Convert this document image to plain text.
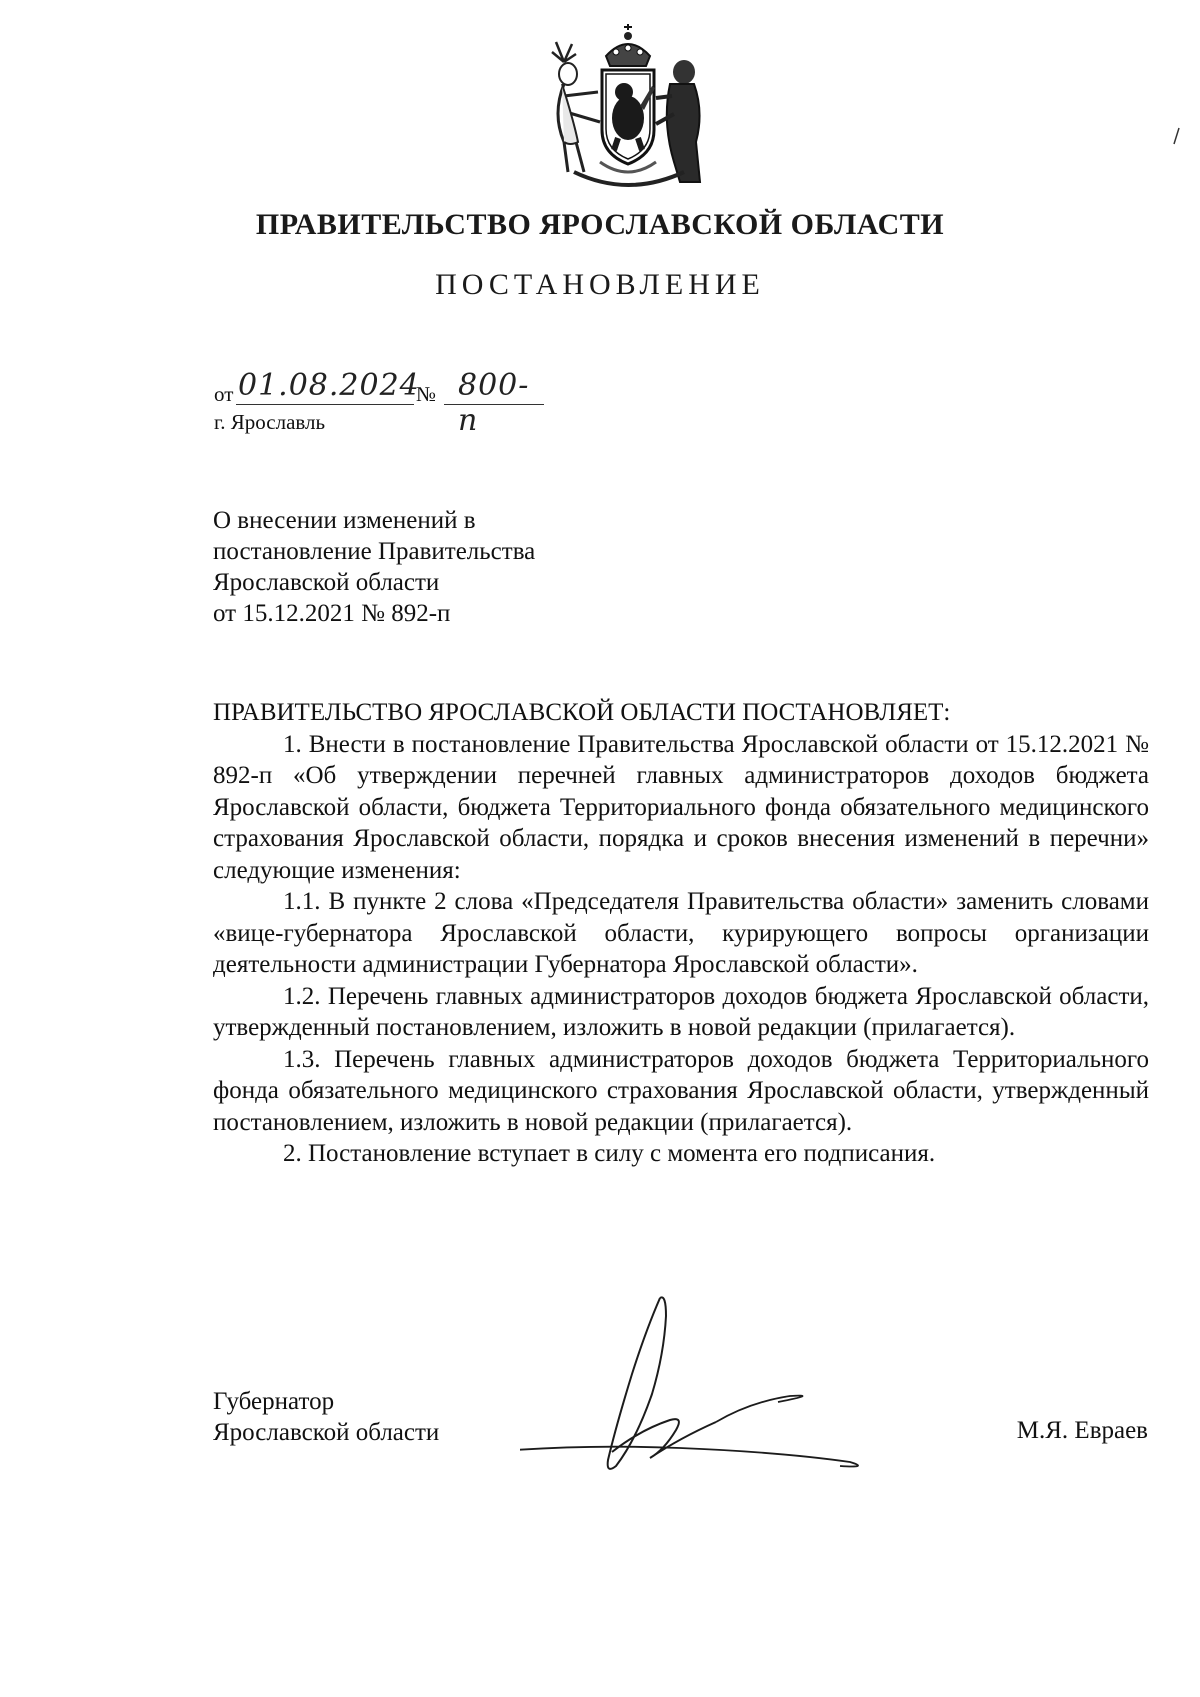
ПРАВИТЕЛЬСТВО ЯРОСЛАВСКОЙ ОБЛАСТИ
ПОСТАНОВЛЕНИЕ
от 01.08.2024
№ 800-п
г. Ярославль
О внесении изменений в
постановление Правительства
Ярославской области
от 15.12.2021 № 892-п

ПРАВИТЕЛЬСТВО ЯРОСЛАВСКОЙ ОБЛАСТИ ПОСТАНОВЛЯЕТ:

1. Внести в постановление Правительства Ярославской области от 15.12.2021 № 892-п «Об утверждении перечней главных администраторов доходов бюджета Ярославской области, бюджета Территориального фонда обязательного медицинского страхования Ярославской области, порядка и сроков внесения изменений в перечни» следующие изменения:

1.1. В пункте 2 слова «Председателя Правительства области» заменить словами «вице-губернатора Ярославской области, курирующего вопросы организации деятельности администрации Губернатора Ярославской области».

1.2. Перечень главных администраторов доходов бюджета Ярославской области, утвержденный постановлением, изложить в новой редакции (прилагается).

1.3. Перечень главных администраторов доходов бюджета Территориального фонда обязательного медицинского страхования Ярославской области, утвержденный постановлением, изложить в новой редакции (прилагается).

2. Постановление вступает в силу с момента его подписания.

Губернатор
Ярославской области	М.Я. Евраев
